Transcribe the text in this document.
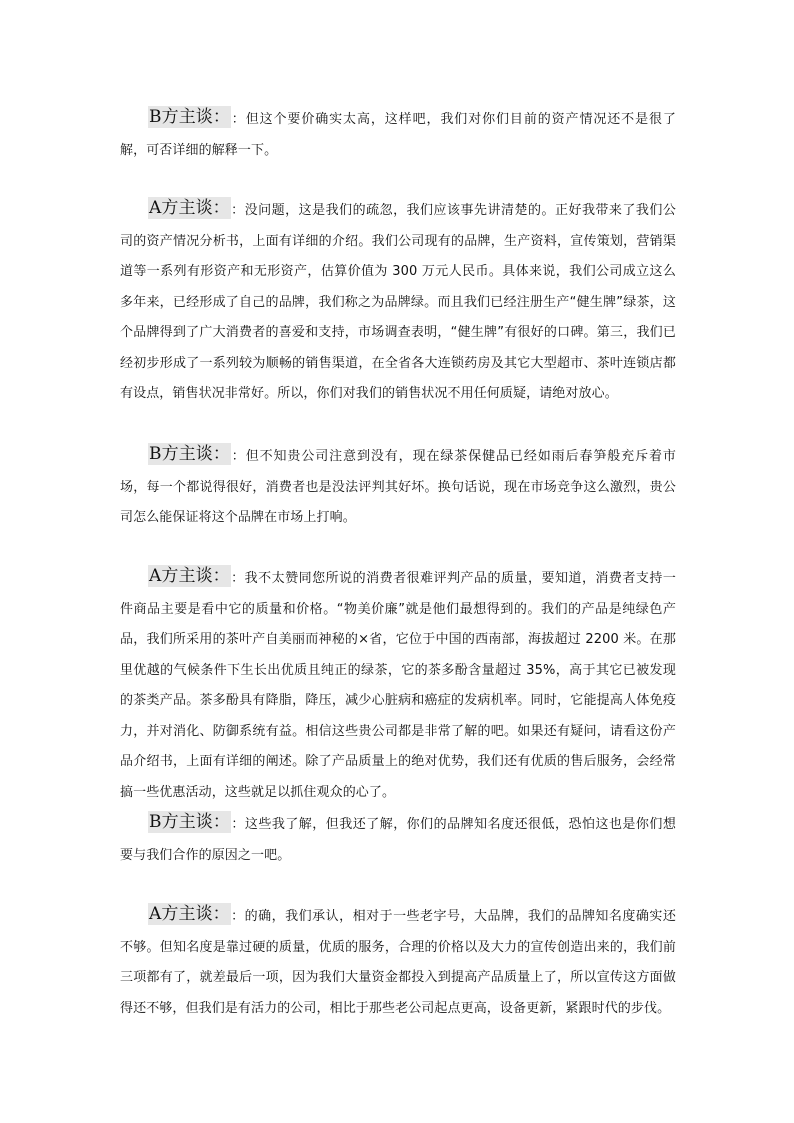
B方主谈：：但这个要价确实太高，这样吧，我们对你们目前的资产情况还不是很了解，可否详细的解释一下。

A方主谈：：没问题，这是我们的疏忽，我们应该事先讲清楚的。正好我带来了我们公司的资产情况分析书，上面有详细的介绍。我们公司现有的品牌，生产资料，宣传策划，营销渠道等一系列有形资产和无形资产，估算价值为 300 万元人民币。具体来说，我们公司成立这么多年来，已经形成了自己的品牌，我们称之为品牌绿。而且我们已经注册生产“健生牌”绿茶，这个品牌得到了广大消费者的喜爱和支持，市场调查表明，“健生牌”有很好的口碑。第三，我们已经初步形成了一系列较为顺畅的销售渠道，在全省各大连锁药房及其它大型超市、茶叶连锁店都有设点，销售状况非常好。所以，你们对我们的销售状况不用任何质疑，请绝对放心。

B方主谈：：但不知贵公司注意到没有，现在绿茶保健品已经如雨后春笋般充斥着市场，每一个都说得很好，消费者也是没法评判其好坏。换句话说，现在市场竞争这么激烈，贵公司怎么能保证将这个品牌在市场上打响。

A方主谈：：我不太赞同您所说的消费者很难评判产品的质量，要知道，消费者支持一件商品主要是看中它的质量和价格。“物美价廉”就是他们最想得到的。我们的产品是纯绿色产品，我们所采用的茶叶产自美丽而神秘的×省，它位于中国的西南部，海拔超过 2200 米。在那里优越的气候条件下生长出优质且纯正的绿茶，它的茶多酚含量超过 35%，高于其它已被发现的茶类产品。茶多酚具有降脂，降压，减少心脏病和癌症的发病机率。同时，它能提高人体免疫力，并对消化、防御系统有益。相信这些贵公司都是非常了解的吧。如果还有疑问，请看这份产品介绍书，上面有详细的阐述。除了产品质量上的绝对优势，我们还有优质的售后服务，会经常搞一些优惠活动，这些就足以抓住观众的心了。

B方主谈：：这些我了解，但我还了解，你们的品牌知名度还很低，恐怕这也是你们想要与我们合作的原因之一吧。

A方主谈：：的确，我们承认，相对于一些老字号，大品牌，我们的品牌知名度确实还不够。但知名度是靠过硬的质量，优质的服务，合理的价格以及大力的宣传创造出来的，我们前三项都有了，就差最后一项，因为我们大量资金都投入到提高产品质量上了，所以宣传这方面做得还不够，但我们是有活力的公司，相比于那些老公司起点更高，设备更新，紧跟时代的步伐。
